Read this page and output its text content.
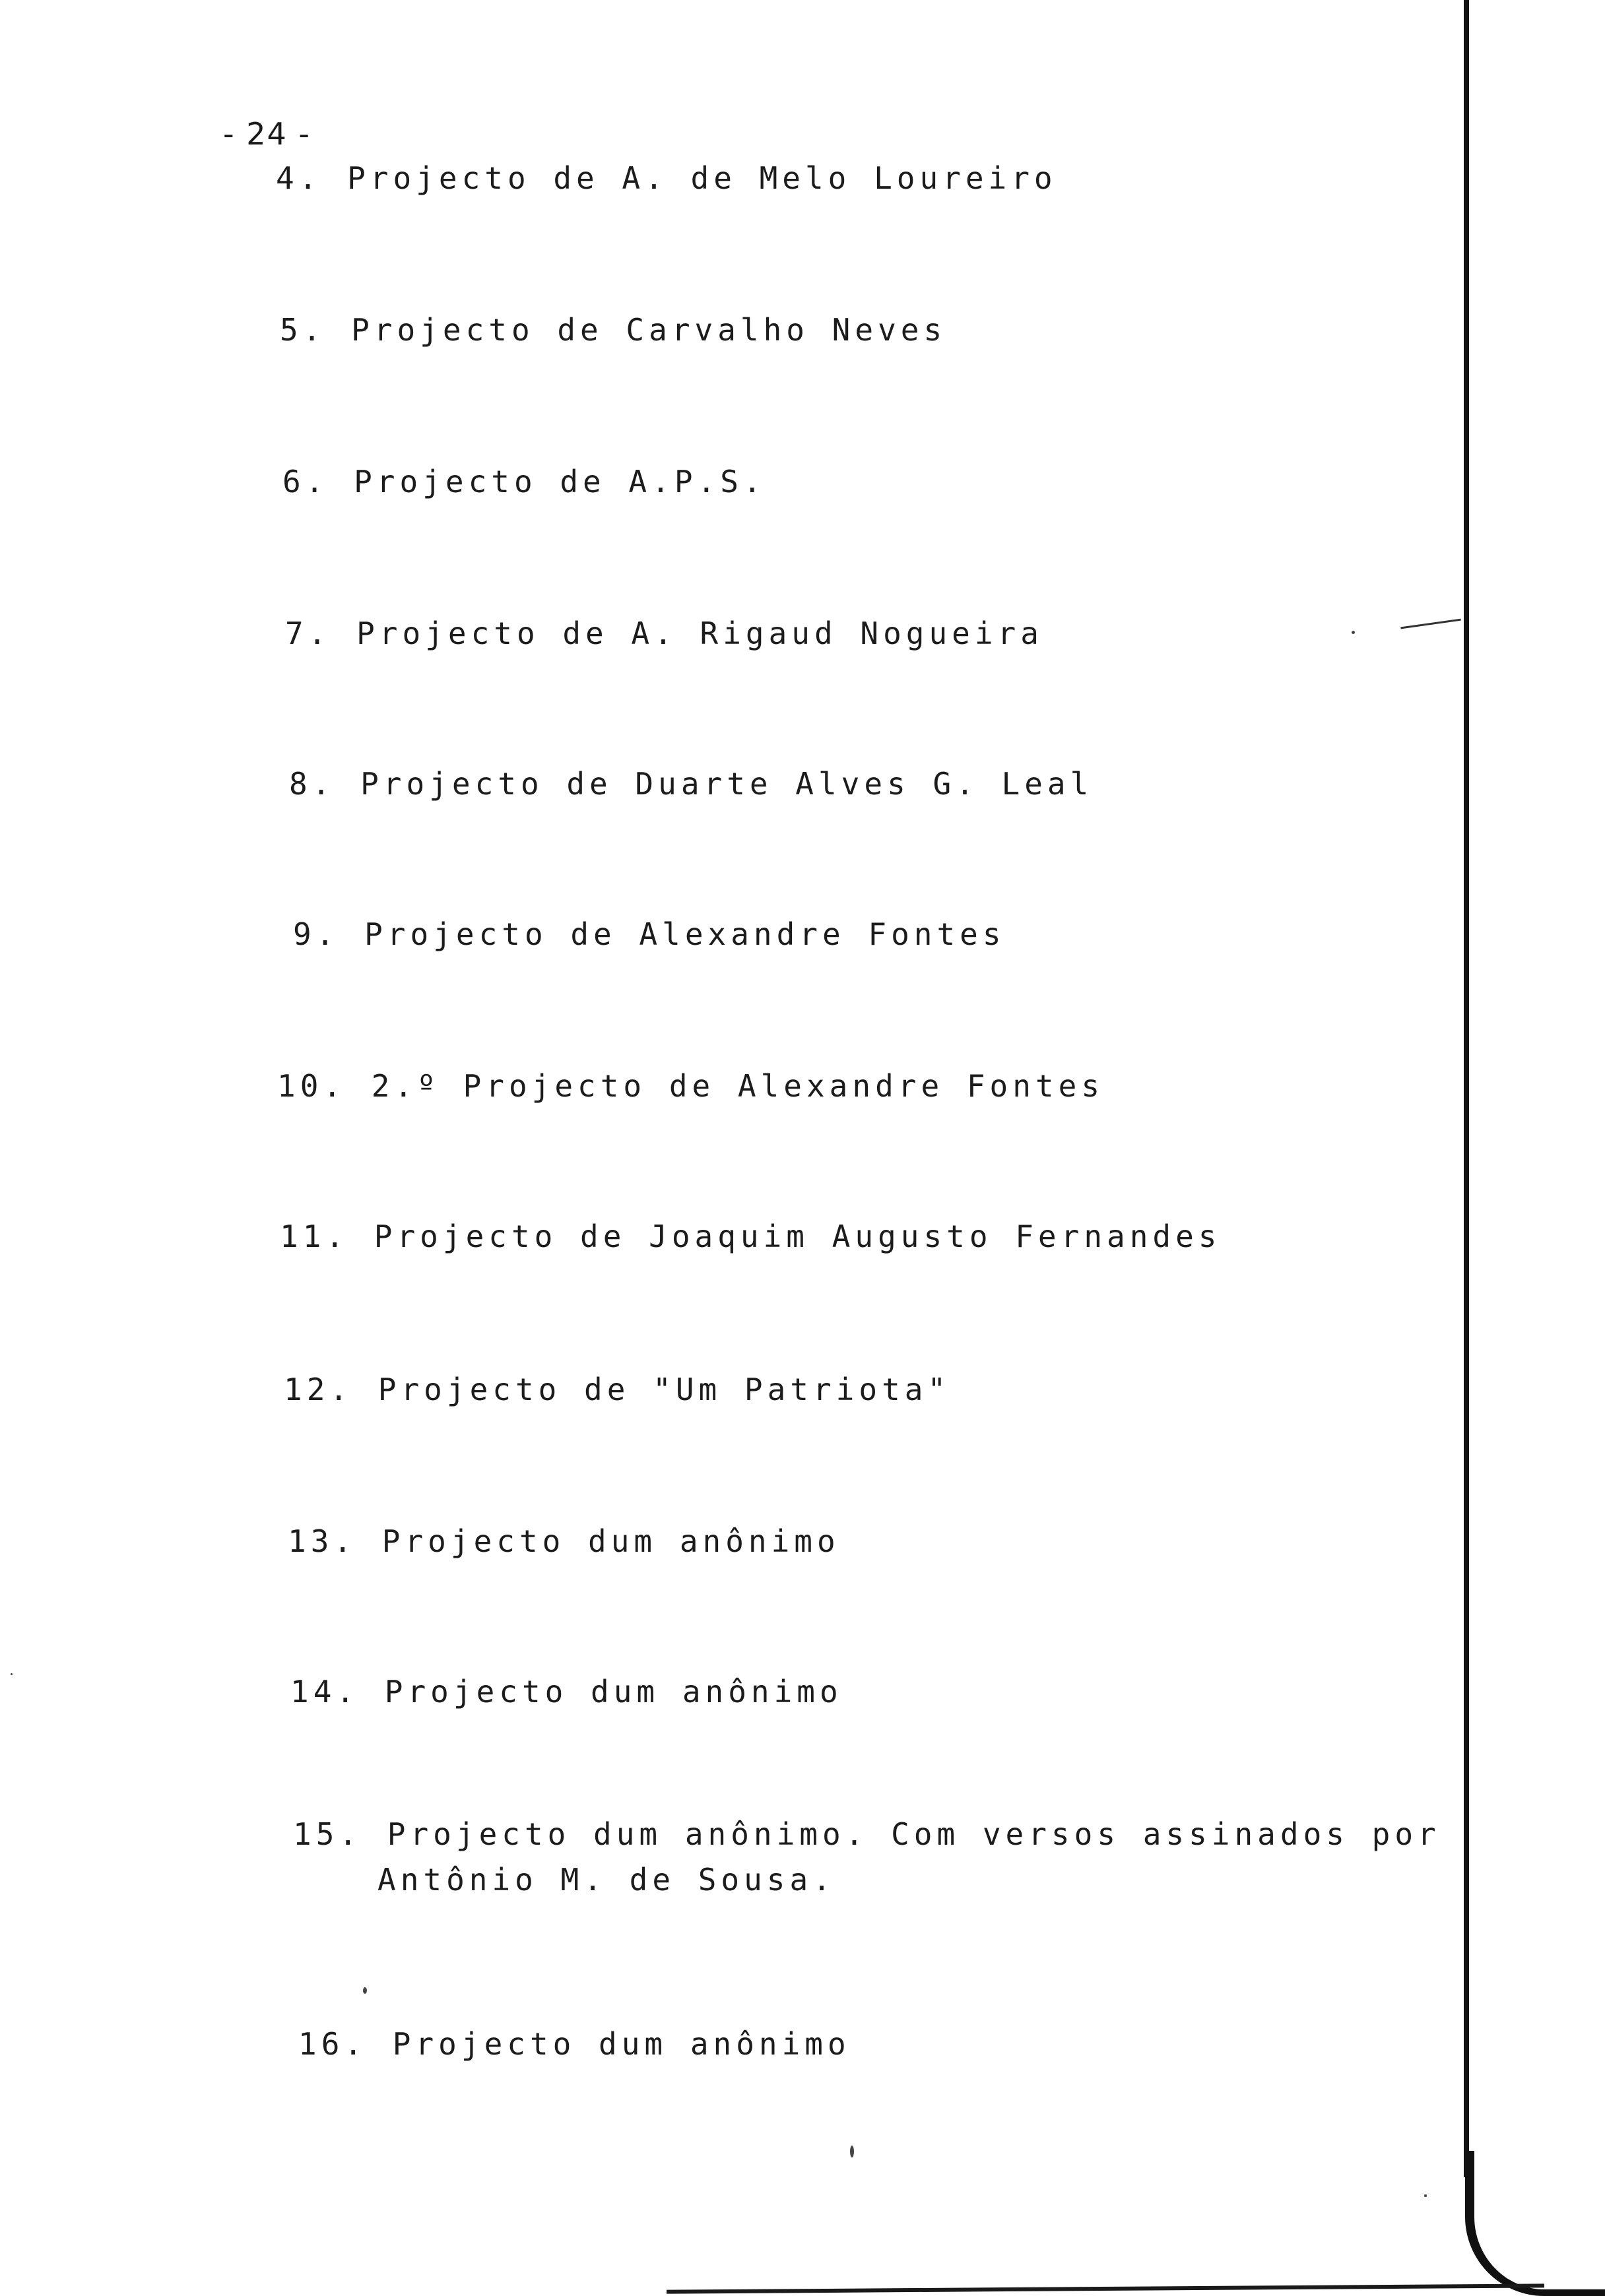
- 24 -
4. Projecto de A. de Melo Loureiro
5. Projecto de Carvalho Neves
6. Projecto de A.P.S.
7. Projecto de A. Rigaud Nogueira
8. Projecto de Duarte Alves G. Leal
9. Projecto de Alexandre Fontes
10. 2.º Projecto de Alexandre Fontes
11. Projecto de Joaquim Augusto Fernandes
12. Projecto de "Um Patriota"
13. Projecto dum anônimo
14. Projecto dum anônimo
15. Projecto dum anônimo. Com versos assinados por
Antônio M. de Sousa.
16. Projecto dum anônimo
